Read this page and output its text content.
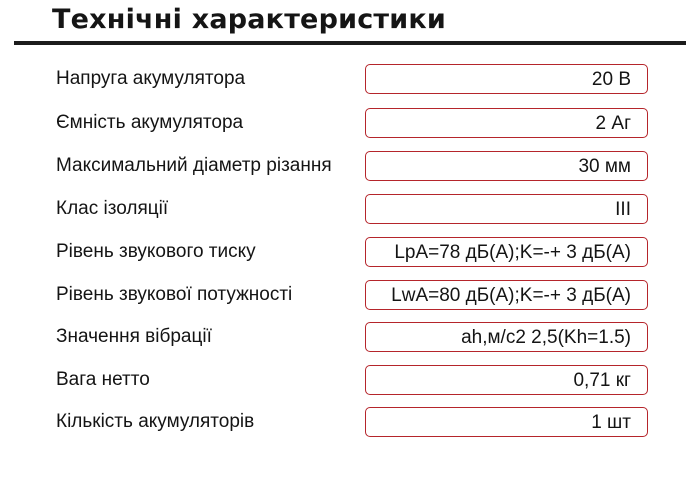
Технічні характеристики
Напруга акумулятора	20 В
Ємність акумулятора	2 Аг
Максимальний діаметр різання	30 мм
Клас ізоляції	III
Рівень звукового тиску	LpA=78 дБ(А);K=-+ 3 дБ(А)
Рівень звукової потужності	LwA=80 дБ(А);K=-+ 3 дБ(А)
Значення вібрації	ah,м/с2 2,5(Kh=1.5)
Вага нетто	0,71 кг
Кількість акумуляторів	1 шт
